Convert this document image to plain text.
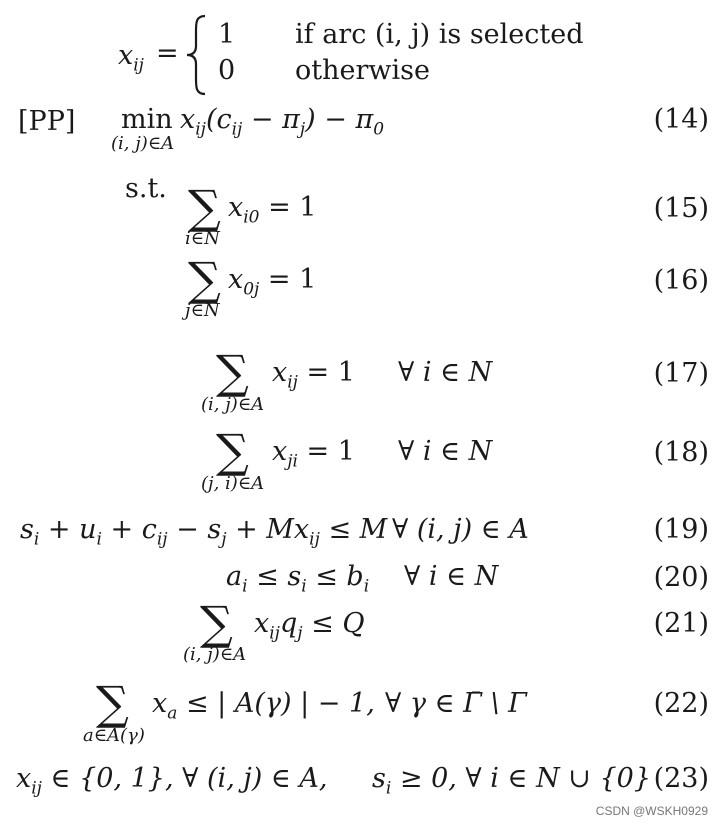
$x_{ij}$ =
1 if arc (i, j) is selected
0 otherwise
[PP] min
(i, j)∈A
$x_{ij}(c_{ij} - \pi_j) - \pi_0$	(14)
s.t. ∑
i∈N
$x_{i0} = 1$	(15)
∑
j∈N
$x_{0j} = 1$	(16)
∑
(i, j)∈A
$x_{ij} = 1$ ∀ i ∈ N	(17)
∑
(j, i)∈A
$x_{ji} = 1$ ∀ i ∈ N	(18)
$s_i + u_i + c_{ij} - s_j + Mx_{ij} \le M$ ∀ (i, j) ∈ A	(19)
$a_i \le s_i \le b_i$ ∀ i ∈ N	(20)
∑
(i, j)∈A
$x_{ij}q_j \le Q$	(21)
∑
a∈A(γ)
$x_a$ ≤ | A(γ) | − 1, ∀ γ ∈ Γ̄ \ Γ	(22)
$x_{ij}$ ∈ {0, 1}, ∀ (i, j) ∈ A, $s_i \ge 0$, ∀ i ∈ N ∪ {0} (23)
CSDN @WSKH0929
